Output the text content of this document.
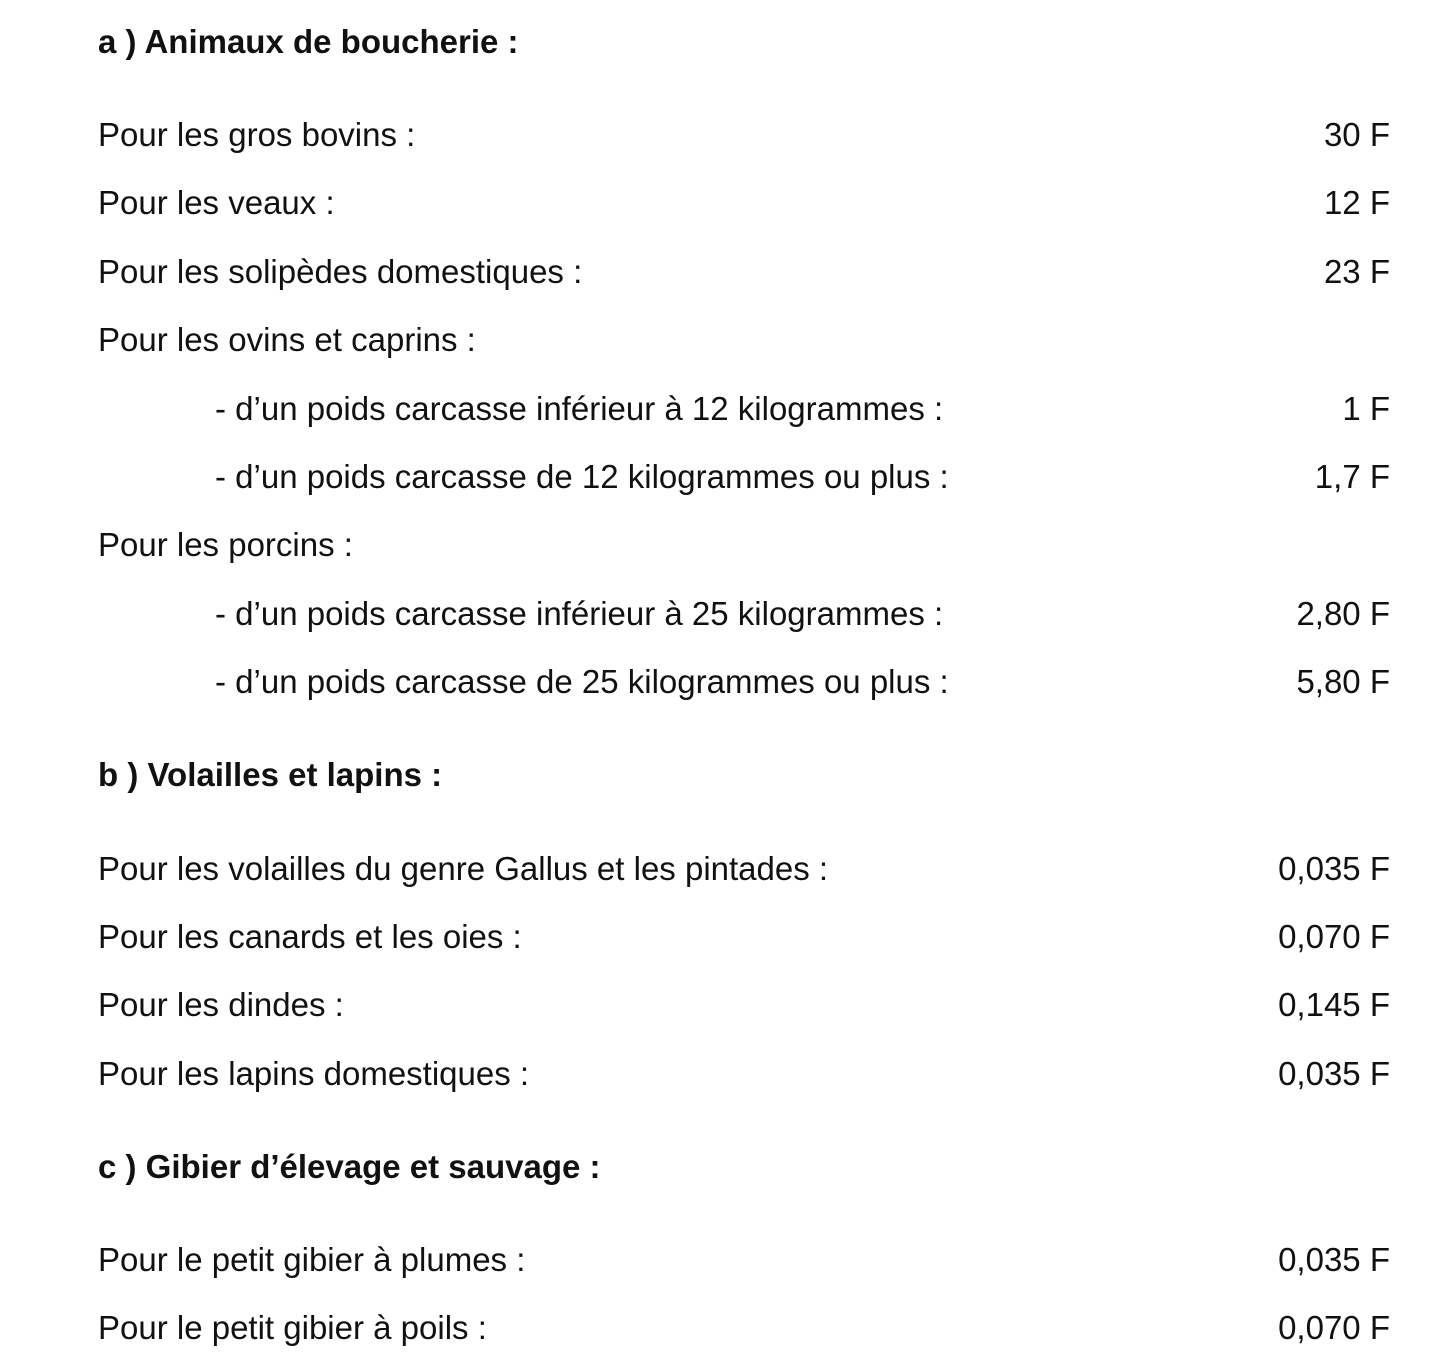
a ) Animaux de boucherie :
Pour les gros bovins :	30 F
Pour les veaux :	12 F
Pour les solipèdes domestiques :	23 F
Pour les ovins et caprins :
- d’un poids carcasse inférieur à 12 kilogrammes :	1 F
- d’un poids carcasse de 12 kilogrammes ou plus :	1,7 F
Pour les porcins :
- d’un poids carcasse inférieur à 25 kilogrammes :	2,80 F
- d’un poids carcasse de 25 kilogrammes ou plus :	5,80 F
b ) Volailles et lapins :
Pour les volailles du genre Gallus et les pintades :	0,035 F
Pour les canards et les oies :	0,070 F
Pour les dindes :	0,145 F
Pour les lapins domestiques :	0,035 F
c ) Gibier d’élevage et sauvage :
Pour le petit gibier à plumes :	0,035 F
Pour le petit gibier à poils :	0,070 F
